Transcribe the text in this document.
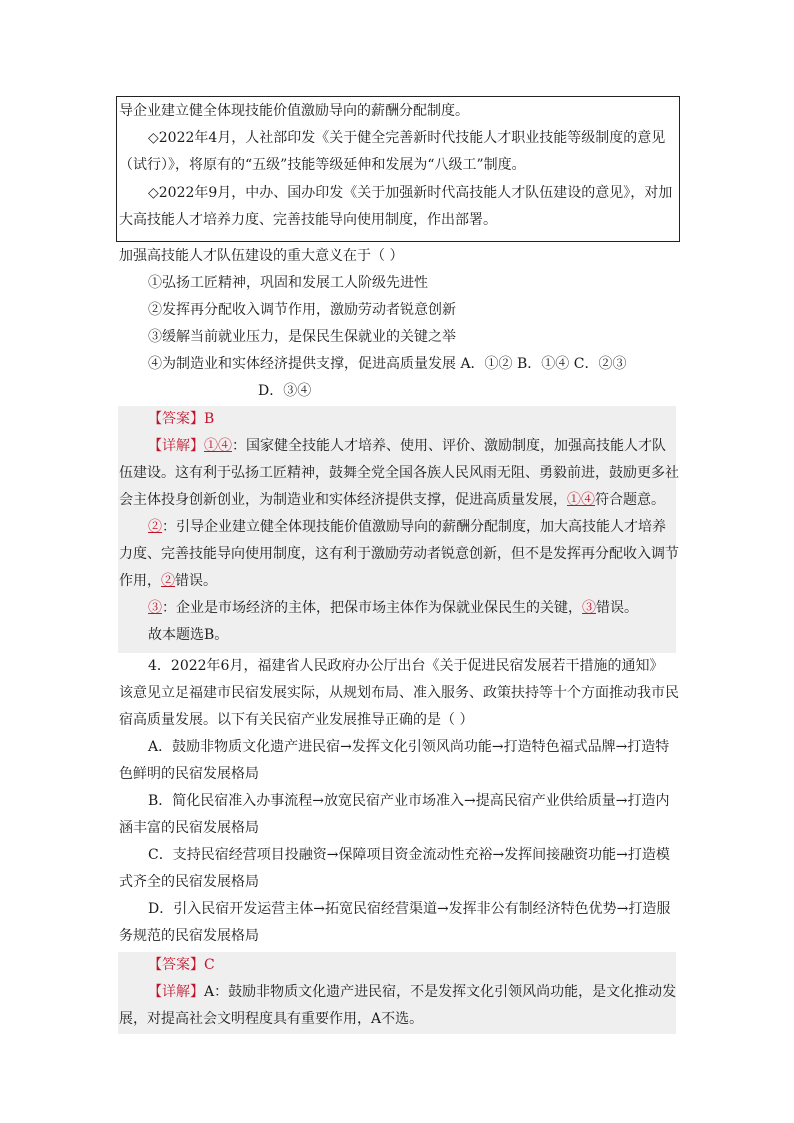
导企业建立健全体现技能价值激励导向的薪酬分配制度。
◇2022年4月，人社部印发《关于健全完善新时代技能人才职业技能等级制度的意见
（试行）》，将原有的“五级”技能等级延伸和发展为“八级工”制度。
◇2022年9月，中办、国办印发《关于加强新时代高技能人才队伍建设的意见》，对加
大高技能人才培养力度、完善技能导向使用制度，作出部署。
加强高技能人才队伍建设的重大意义在于（ ）
①弘扬工匠精神，巩固和发展工人阶级先进性
②发挥再分配收入调节作用，激励劳动者锐意创新
③缓解当前就业压力，是保民生保就业的关键之举
④为制造业和实体经济提供支撑，促进高质量发展 A．①② B．①④ C．②③
D．③④
【答案】B
【详解】①④：国家健全技能人才培养、使用、评价、激励制度，加强高技能人才队
伍建设。这有利于弘扬工匠精神，鼓舞全党全国各族人民风雨无阻、勇毅前进，鼓励更多社
会主体投身创新创业，为制造业和实体经济提供支撑，促进高质量发展，①④符合题意。
②：引导企业建立健全体现技能价值激励导向的薪酬分配制度，加大高技能人才培养
力度、完善技能导向使用制度，这有利于激励劳动者锐意创新，但不是发挥再分配收入调节
作用，②错误。
③：企业是市场经济的主体，把保市场主体作为保就业保民生的关键，③错误。
故本题选B。
4．2022年6月，福建省人民政府办公厅出台《关于促进民宿发展若干措施的通知》
该意见立足福建市民宿发展实际，从规划布局、准入服务、政策扶持等十个方面推动我市民
宿高质量发展。以下有关民宿产业发展推导正确的是（ ）
A．鼓励非物质文化遗产进民宿→发挥文化引领风尚功能→打造特色福式品牌→打造特
色鲜明的民宿发展格局
B．简化民宿准入办事流程→放宽民宿产业市场准入→提高民宿产业供给质量→打造内
涵丰富的民宿发展格局
C．支持民宿经营项目投融资→保障项目资金流动性充裕→发挥间接融资功能→打造模
式齐全的民宿发展格局
D．引入民宿开发运营主体→拓宽民宿经营渠道→发挥非公有制经济特色优势→打造服
务规范的民宿发展格局
【答案】C
【详解】A：鼓励非物质文化遗产进民宿，不是发挥文化引领风尚功能，是文化推动发
展，对提高社会文明程度具有重要作用，A不选。
